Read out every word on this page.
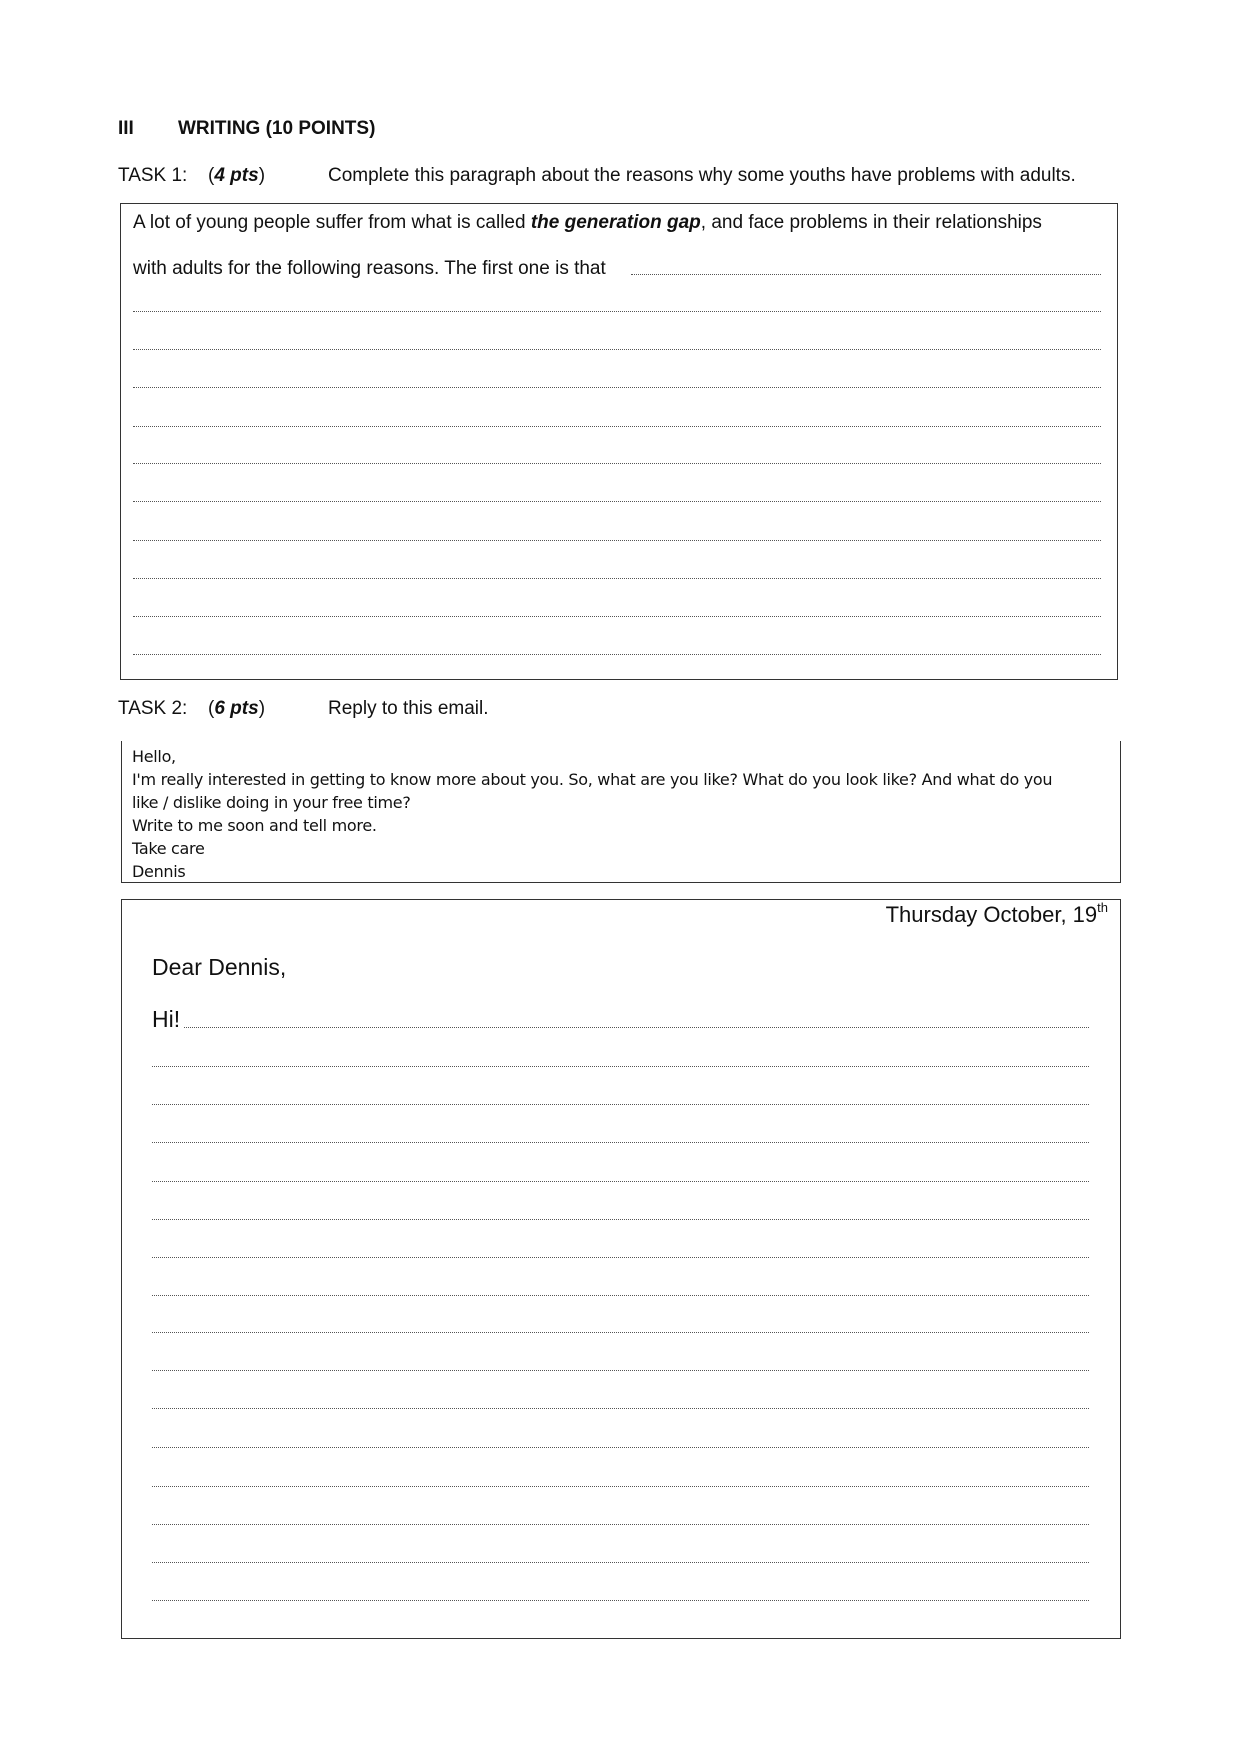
III	WRITING (10 POINTS)
TASK 1:	(4 pts)	Complete this paragraph about the reasons why some youths have problems with adults.
A lot of young people suffer from what is called the generation gap, and face problems in their relationships
with adults for the following reasons. The first one is that
TASK 2:	(6 pts)	Reply to this email.
Hello,
I'm really interested in getting to know more about you. So, what are you like? What do you look like? And what do you
like / dislike doing in your free time?
Write to me soon and tell more.
Take care
Dennis
Thursday October, 19th
Dear Dennis,
Hi!
